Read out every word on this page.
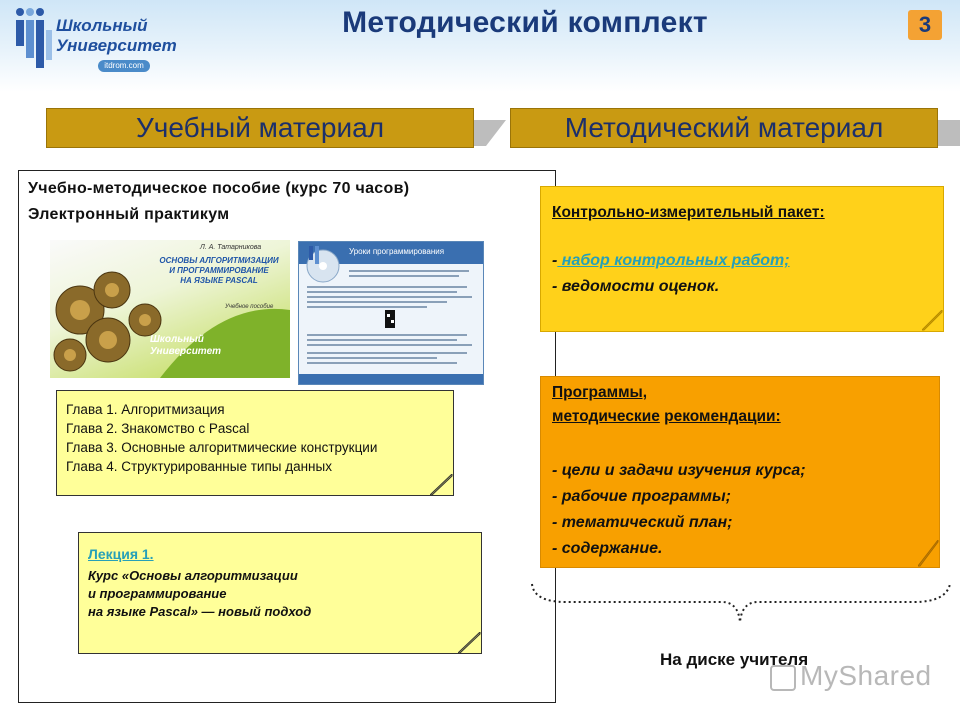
Школьный
Университет
itdrom.com
Методический комплект	3
Учебный материал	Методический материал
Учебно-методическое пособие (курс 70 часов)
Электронный практикум
Л. А. Татарникова
ОСНОВЫ АЛГОРИТМИЗАЦИИ
И ПРОГРАММИРОВАНИЕ
НА ЯЗЫКЕ PASCAL
Учебное пособие
Школьный
Университет
Уроки программирования
Глава 1. Алгоритмизация
Глава 2. Знакомство с Pascal
Глава 3. Основные алгоритмические конструкции
Глава 4. Структурированные типы данных
Лекция 1.
Курс «Основы алгоритмизации
и программирование
на языке Pascal» — новый подход
Контрольно-измерительный пакет:
- набор контрольных работ;
- ведомости оценок.
Программы,
методические рекомендации:
- цели и задачи изучения курса;
- рабочие программы;
- тематический план;
- содержание.
На диске учителя
MyShared
